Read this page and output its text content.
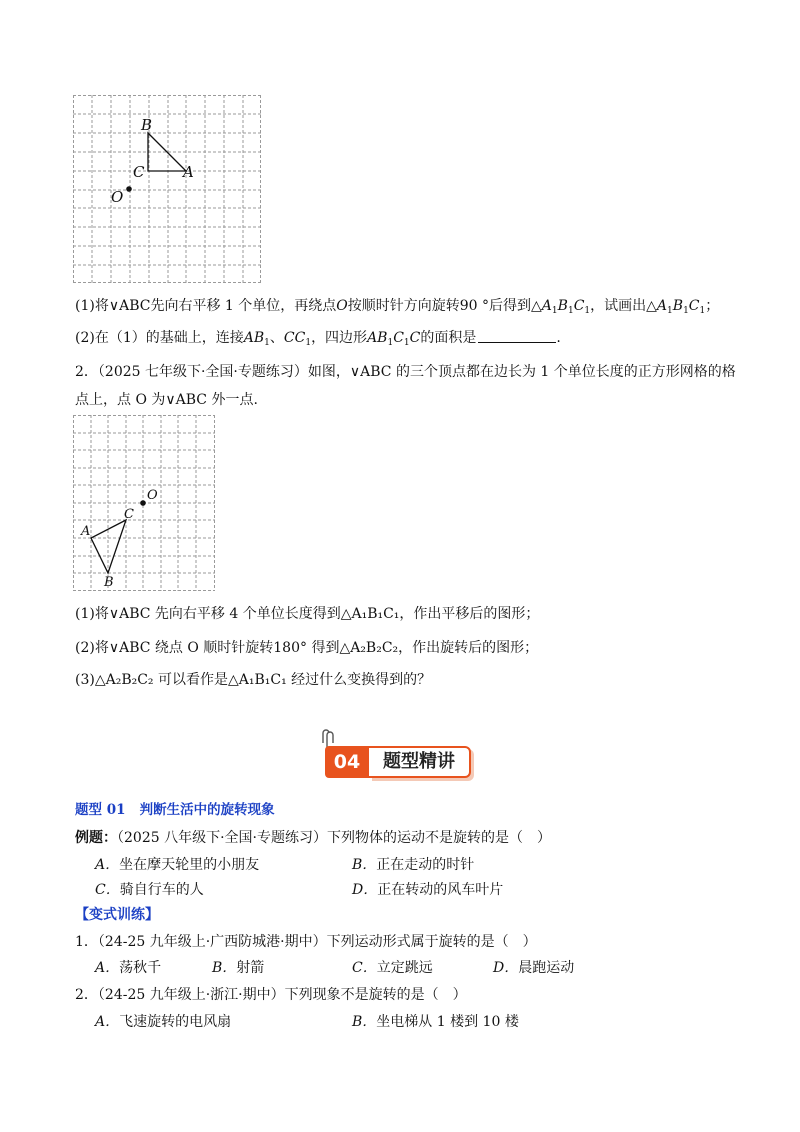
B
C	A
O
(1)将∨ABC先向右平移 1 个单位，再绕点O按顺时针方向旋转90 °后得到$\triangle A_1B_1C_1$，试画出$\triangle A_1B_1C_1$；
(2)在（1）的基础上，连接$AB_1$、$CC_1$，四边形$AB_1C_1C$的面积是	.
2．（2025 七年级下·全国·专题练习）如图，∨ABC 的三个顶点都在边长为 1 个单位长度的正方形网格的格
点上，点 O 为∨ABC 外一点.
O
C
A
B
(1)将∨ABC 先向右平移 4 个单位长度得到△A₁B₁C₁，作出平移后的图形；
(2)将∨ABC 绕点 O 顺时针旋转180° 得到△A₂B₂C₂，作出旋转后的图形；
(3)△A₂B₂C₂ 可以看作是△A₁B₁C₁ 经过什么变换得到的？
04	题型精讲
题型 01 判断生活中的旋转现象
例题：（2025 八年级下·全国·专题练习）下列物体的运动不是旋转的是（　）
A．坐在摩天轮里的小朋友	B．正在走动的时针
C．骑自行车的人	D．正在转动的风车叶片
【变式训练】
1．（24-25 九年级上·广西防城港·期中）下列运动形式属于旋转的是（　）
A．荡秋千	B．射箭	C．立定跳远	D．晨跑运动
2．（24-25 九年级上·浙江·期中）下列现象不是旋转的是（　）
A．飞速旋转的电风扇	B．坐电梯从 1 楼到 10 楼
